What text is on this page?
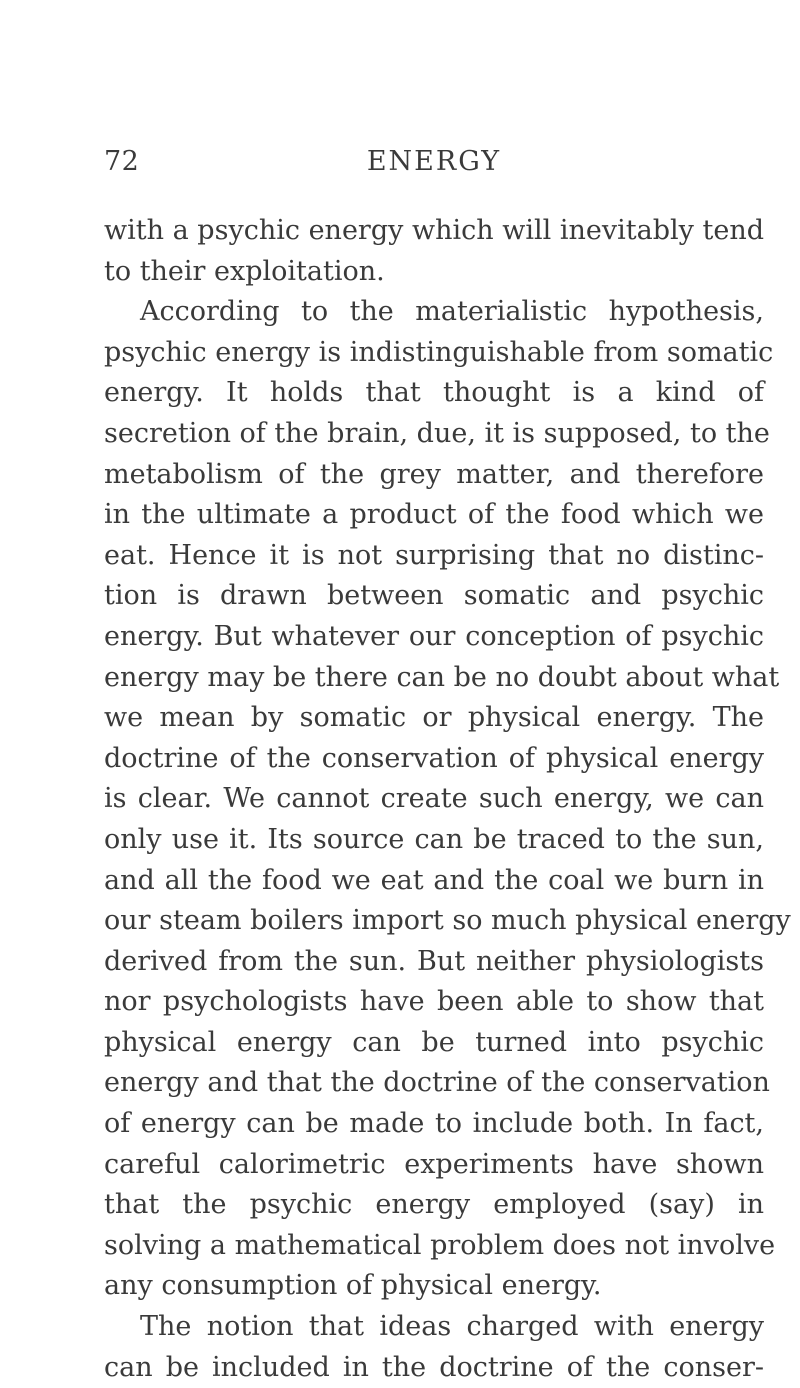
72	ENERGY
with a psychic energy which will inevitably tend
to their exploitation.
According to the materialistic hypothesis,
psychic energy is indistinguishable from somatic
energy. It holds that thought is a kind of
secretion of the brain, due, it is supposed, to the
metabolism of the grey matter, and therefore
in the ultimate a product of the food which we
eat. Hence it is not surprising that no distinc-
tion is drawn between somatic and psychic
energy. But whatever our conception of psychic
energy may be there can be no doubt about what
we mean by somatic or physical energy. The
doctrine of the conservation of physical energy
is clear. We cannot create such energy, we can
only use it. Its source can be traced to the sun,
and all the food we eat and the coal we burn in
our steam boilers import so much physical energy
derived from the sun. But neither physiologists
nor psychologists have been able to show that
physical energy can be turned into psychic
energy and that the doctrine of the conservation
of energy can be made to include both. In fact,
careful calorimetric experiments have shown
that the psychic energy employed (say) in
solving a mathematical problem does not involve
any consumption of physical energy.
The notion that ideas charged with energy
can be included in the doctrine of the conser-
